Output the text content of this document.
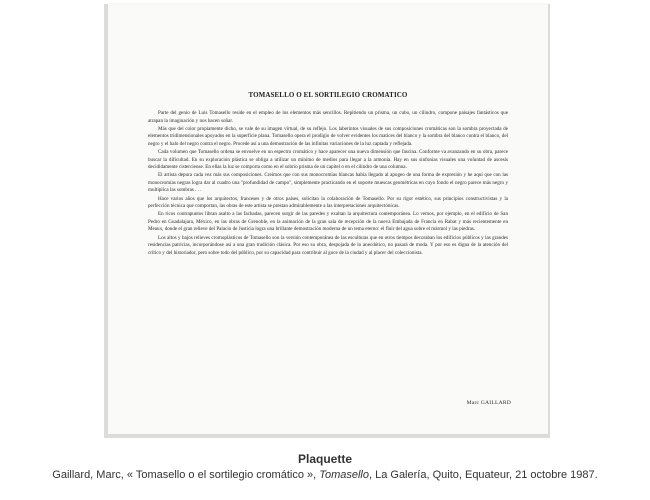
TOMASELLO O EL SORTILEGIO CROMATICO

Parte del genio de Luis Tomasello reside en el empleo de los elementos más sencillos. Repitiendo un prisma, un cubo, un cilindro, compone paisajes fantásticos que atrapan la imaginación y nos hacen soñar.

Más que del color propiamente dicho, se vale de su imagen virtual, de su reflejo. Los laberintos visuales de sus composiciones cromáticas son la sombra proyectada de elementos tridimensionales apoyados en la superficie plana. Tomasello opera el prodigio de volver evidentes los matices del blanco y la sombra del blanco contra el blanco, del negro y el halo del negro contra el negro. Procede así a una demostración de las infinitas variaciones de la luz captada y reflejada.

Cada volumen que Tomasello ordena se envuelve en un espectro cromático y hace aparecer una nueva dimensión que fascina. Conforme va avanzando en su obra, parece buscar la dificultad. En su exploración plástica se obliga a utilizar un mínimo de medios para llegar a la armonía. Hay en sus sinfonías visuales una voluntad de ascesis decididamente cisterciense. En ellas la luz se comporta como en el sobrio prisma de un capitel o en el cilindro de una columna.

El artista depura cada vez más sus composiciones. Creímos que con sus monocromías blancas había llegado al apogeo de una forma de expresión y he aquí que con las monocromías negras logra dar al cuadro una "profundidad de campo", simplemente practicando en el soporte muescas geométricas en cuyo fondo el negro parece más negro y multiplica las sombras . . .

Hace varios años que los arquitectos, franceses y de otros países, solicitan la colaboración de Tomasello. Por su rigor estético, sus principios constructivistas y la perfección técnica que comportan, las obras de este artista se prestan admirablemente a las interpretaciones arquitectónicas.

En ricos contrapuntos libran asalto a las fachadas, parecen surgir de las paredes y exaltan la arquitectura contemporánea. Lo vemos, por ejemplo, en el edificio de San Pedro en Guadalajara, México, en las obras de Grenoble, en la animación de la gran sala de recepción de la nueva Embajada de Francia en Rabat y más recientemente en Meaux, donde el gran relieve del Palacio de Justicia logra una brillante demostración moderna de un tema eterno: el fluir del agua sobre el mármol y las piedras.

Los altos y bajos relieves cromoplásticos de Tomasello son la versión contemporánea de las esculturas que en otros tiempos decoraban los edificios públicos y las grandes residencias patricias, incorporándose así a una gran tradición clásica. Por eso su obra, despojada de lo anecdótico, no pasará de moda. Y por eso es digna de la atención del crítico y del historiador, pero sobre todo del público, por su capacidad para contribuir al goce de la ciudad y al placer del coleccionista.

Marc GAILLARD
Plaquette
Gaillard, Marc, « Tomasello o el sortilegio cromático », Tomasello, La Galería, Quito, Equateur, 21 octobre 1987.
